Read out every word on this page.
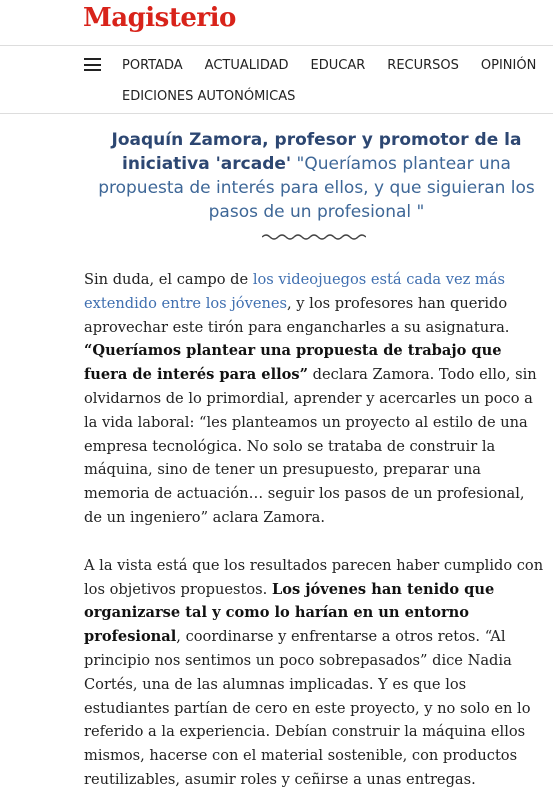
Magisterio
PORTADA ACTUALIDAD EDUCAR RECURSOS OPINIÓN
EDICIONES AUTONÓMICAS
Joaquín Zamora, profesor y promotor de la iniciativa 'arcade' "Queríamos plantear una propuesta de interés para ellos, y que siguieran los pasos de un profesional "

Sin duda, el campo de los videojuegos está cada vez más extendido entre los jóvenes, y los profesores han querido aprovechar este tirón para engancharles a su asignatura. “Queríamos plantear una propuesta de trabajo que fuera de interés para ellos” declara Zamora. Todo ello, sin olvidarnos de lo primordial, aprender y acercarles un poco a la vida laboral: “les planteamos un proyecto al estilo de una empresa tecnológica. No solo se trataba de construir la máquina, sino de tener un presupuesto, preparar una memoria de actuación… seguir los pasos de un profesional, de un ingeniero” aclara Zamora.

A la vista está que los resultados parecen haber cumplido con los objetivos propuestos. Los jóvenes han tenido que organizarse tal y como lo harían en un entorno profesional, coordinarse y enfrentarse a otros retos. “Al principio nos sentimos un poco sobrepasados” dice Nadia Cortés, una de las alumnas implicadas. Y es que los estudiantes partían de cero en este proyecto, y no solo en lo referido a la experiencia. Debían construir la máquina ellos mismos, hacerse con el material sostenible, con productos reutilizables, asumir roles y ceñirse a unas entregas.
